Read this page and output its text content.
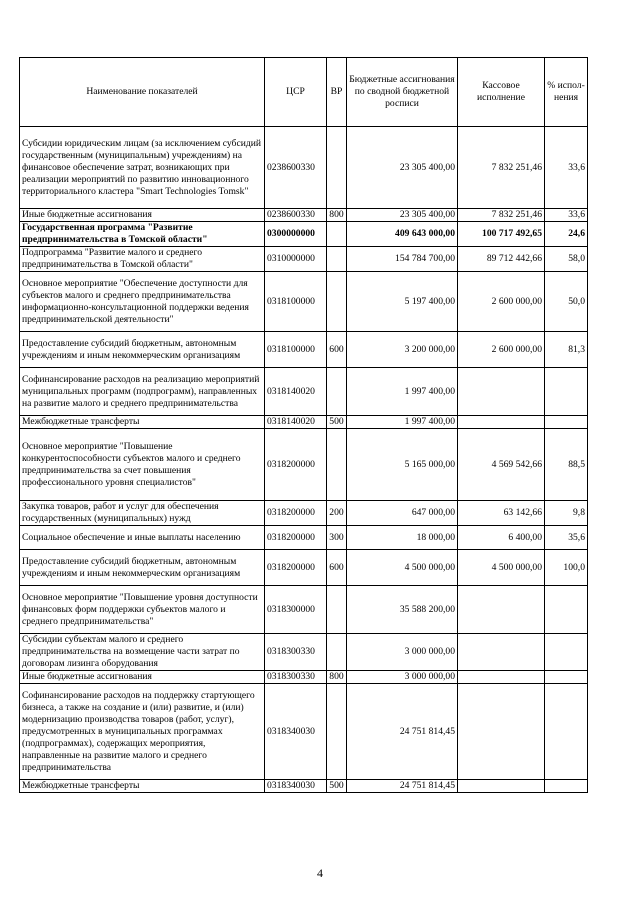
Наименование показателей	ЦСР	ВР	Бюджетные ассигнования по сводной бюджетной росписи	Кассовое исполнение	% испол-нения
Субсидии юридическим лицам (за исключением субсидий государственным (муниципальным) учреждениям) на финансовое обеспечение затрат, возникающих при реализации мероприятий по развитию инновационного территориального кластера "Smart Technologies Tomsk"	0238600330		23 305 400,00	7 832 251,46	33,6
Иные бюджетные ассигнования	0238600330	800	23 305 400,00	7 832 251,46	33,6
Государственная программа "Развитие предпринимательства в Томской области"	0300000000		409 643 000,00	100 717 492,65	24,6
Подпрограмма "Развитие малого и среднего предпринимательства в Томской области"	0310000000		154 784 700,00	89 712 442,66	58,0
Основное мероприятие "Обеспечение доступности для субъектов малого и среднего предпринимательства информационно-консультационной поддержки ведения предпринимательской деятельности"	0318100000		5 197 400,00	2 600 000,00	50,0
Предоставление субсидий бюджетным, автономным учреждениям и иным некоммерческим организациям	0318100000	600	3 200 000,00	2 600 000,00	81,3
Софинансирование расходов на реализацию мероприятий муниципальных программ (подпрограмм), направленных на развитие малого и среднего предпринимательства	0318140020		1 997 400,00		
Межбюджетные трансферты	0318140020	500	1 997 400,00		
Основное мероприятие "Повышение конкурентоспособности субъектов малого и среднего предпринимательства за счет повышения профессионального уровня специалистов"	0318200000		5 165 000,00	4 569 542,66	88,5
Закупка товаров, работ и услуг для обеспечения государственных (муниципальных) нужд	0318200000	200	647 000,00	63 142,66	9,8
Социальное обеспечение и иные выплаты населению	0318200000	300	18 000,00	6 400,00	35,6
Предоставление субсидий бюджетным, автономным учреждениям и иным некоммерческим организациям	0318200000	600	4 500 000,00	4 500 000,00	100,0
Основное мероприятие "Повышение уровня доступности финансовых форм поддержки субъектов малого и среднего предпринимательства"	0318300000		35 588 200,00		
Субсидии субъектам малого и среднего предпринимательства на возмещение части затрат по договорам лизинга оборудования	0318300330		3 000 000,00		
Иные бюджетные ассигнования	0318300330	800	3 000 000,00		
Софинансирование расходов на поддержку стартующего бизнеса, а также на создание и (или) развитие, и (или) модернизацию производства товаров (работ, услуг), предусмотренных в муниципальных программах (подпрограммах), содержащих мероприятия, направленные на развитие малого и среднего предпринимательства	0318340030		24 751 814,45		
Межбюджетные трансферты	0318340030	500	24 751 814,45		
4
